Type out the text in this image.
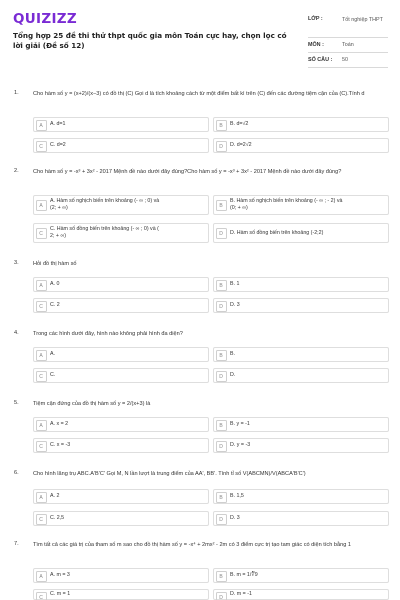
QUIZIZZ
Tổng hợp 25 đề thi thử thpt quốc gia môn Toán cực hay, chọn lọc có lời giải (Đề số 12)
LỚP :	Tốt nghiệp THPT
MÔN :	Toán
SỐ CÂU : 50
1.	Cho hàm số y = (x+2)/(x−3) có đồ thị (C) Gọi d là tích khoảng cách từ một điểm bất kì trên (C) đến các đường tiệm cận của (C).Tính d
A	A. d=1	B	B. d=√2
C	C. d=2	D	D. d=2√2
2.	Cho hàm số y = -x³ + 3x² - 2017 Mệnh đề nào dưới đây đúng?Cho hàm số y = -x³ + 3x² - 2017 Mệnh đề nào dưới đây đúng?
A
A. Hàm số nghịch biến trên khoảng (- ∞ ; 0) và
(2; + ∞)	B
B. Hàm số nghịch biến trên khoảng (- ∞ ; - 2) và
(0; + ∞)
C
C. Hàm số đồng biến trên khoảng (- ∞ ; 0) và (
2; + ∞)	D	D. Hàm số đồng biến trên khoảng (-2;2)
3.	Hỏi đồ thị hàm số
A	A. 0	B	B. 1
C	C. 2	D	D. 3
4.	Trong các hình dưới đây, hình nào không phải hình đa diện?
A	A.	B	B.
C	C.	D	D.
5.	Tiệm cận đứng của đồ thị hàm số y = 2/(x+3) là
A	A. x = 2	B	B. y = -1
C	C. x = -3	D	D. y = -3
6.	Cho hình lăng trụ ABC.A'B'C' Gọi M, N lần lượt là trung điểm của AA', BB'. Tính tỉ số V(ABCMN)/V(ABCA'B'C')
A	A. 2	B	B. 1,5
C	C. 2,5	D	D. 3
7.	Tìm tất cả các giá trị của tham số m sao cho đồ thị hàm số y = -x⁴ + 2mx² - 2m có 3 điểm cực trị tạo tam giác có diện tích bằng 1
A	A. m = 3	B	B. m = 1/∛9
C
C. m = 1
D
D. m = -1
